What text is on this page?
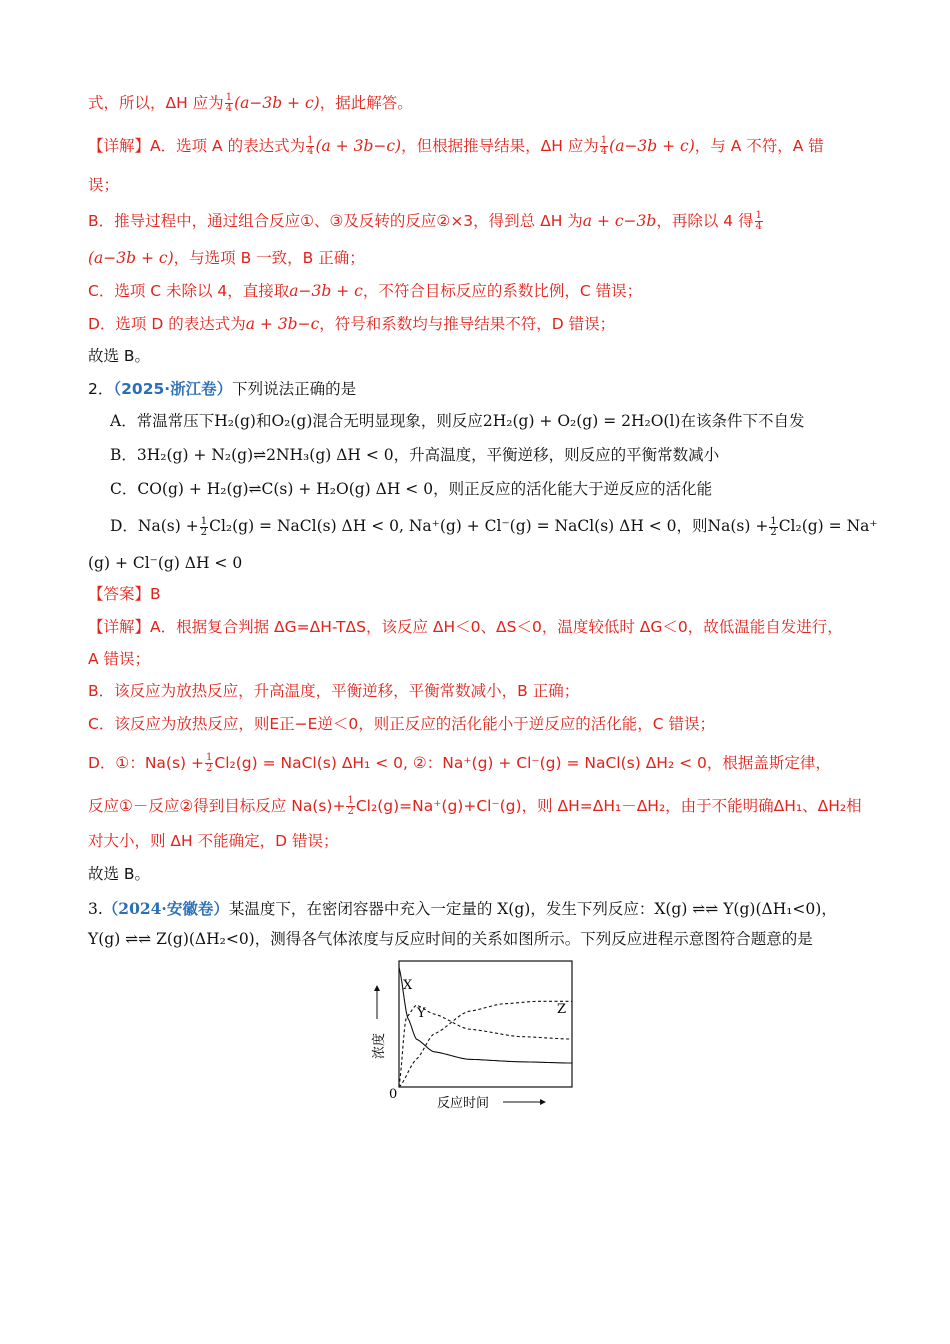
式，所以，ΔH 应为 $\frac{1}{4} (a-3b + c)$，据此解答。
【详解】A．选项 A 的表达式为 $\frac{1}{4} (a + 3b-c)$，但根据推导结果，ΔH 应为 $\frac{1}{4} (a-3b + c)$，与 A 不符，A 错
误；
B．推导过程中，通过组合反应①、③及反转的反应②×3，得到总 ΔH 为a + c−3b，再除以 4 得 $\frac{1}{4}$
(a−3b + c)，与选项 B 一致，B 正确；
C．选项 C 未除以 4，直接取a−3b + c，不符合目标反应的系数比例，C 错误；
D．选项 D 的表达式为a + 3b−c，符号和系数均与推导结果不符，D 错误；
故选 B。
2．（2025·浙江卷）下列说法正确的是
A．常温常压下H₂(g)和O₂(g)混合无明显现象，则反应2H₂(g) + O₂(g) = 2H₂O(l)在该条件下不自发
B．3H₂(g) + N₂(g)⇌2NH₃(g) ΔH < 0，升高温度，平衡逆移，则反应的平衡常数减小
C．CO(g) + H₂(g)⇌C(s) + H₂O(g) ΔH < 0，则正反应的活化能大于逆反应的活化能
D．$Na(s) + \frac{1}{2} Cl_2(g)$ = NaCl(s) ΔH < 0, Na⁺(g) + Cl⁻(g) = NaCl(s) ΔH < 0，则$Na(s) + \frac{1}{2} Cl_2(g) = Na^+$
(g) + Cl⁻(g) ΔH < 0
【答案】B
【详解】A．根据复合判据 ΔG=ΔH-TΔS，该反应 ΔH＜0、ΔS＜0，温度较低时 ΔG＜0，故低温能自发进行，
A 错误；
B．该反应为放热反应，升高温度，平衡逆移，平衡常数减小，B 正确；
C．该反应为放热反应，则E正−E逆＜0，则正反应的活化能小于逆反应的活化能，C 错误；
D．①：$Na(s) + \frac{1}{2} Cl_2(g)$ = NaCl(s) ΔH₁ < 0, ②：Na⁺(g) + Cl⁻(g) = NaCl(s) ΔH₂ < 0，根据盖斯定律，
反应①－反应②得到目标反应 $Na(s)+ \frac{1}{2} Cl_2(g)=Na^+(g)+Cl^-(g)$，则 ΔH=ΔH₁－ΔH₂，由于不能明确ΔH₁、ΔH₂相
对大小，则 ΔH 不能确定，D 错误；
故选 B。
3.（2024·安徽卷）某温度下，在密闭容器中充入一定量的 X(g)，发生下列反应：X(g) ⇌⇌ Y(g)(ΔH₁<0)，
Y(g) ⇌⇌ Z(g)(ΔH₂<0)，测得各气体浓度与反应时间的关系如图所示。下列反应进程示意图符合题意的是
0
反应时间
浓度
X
Y	Z
